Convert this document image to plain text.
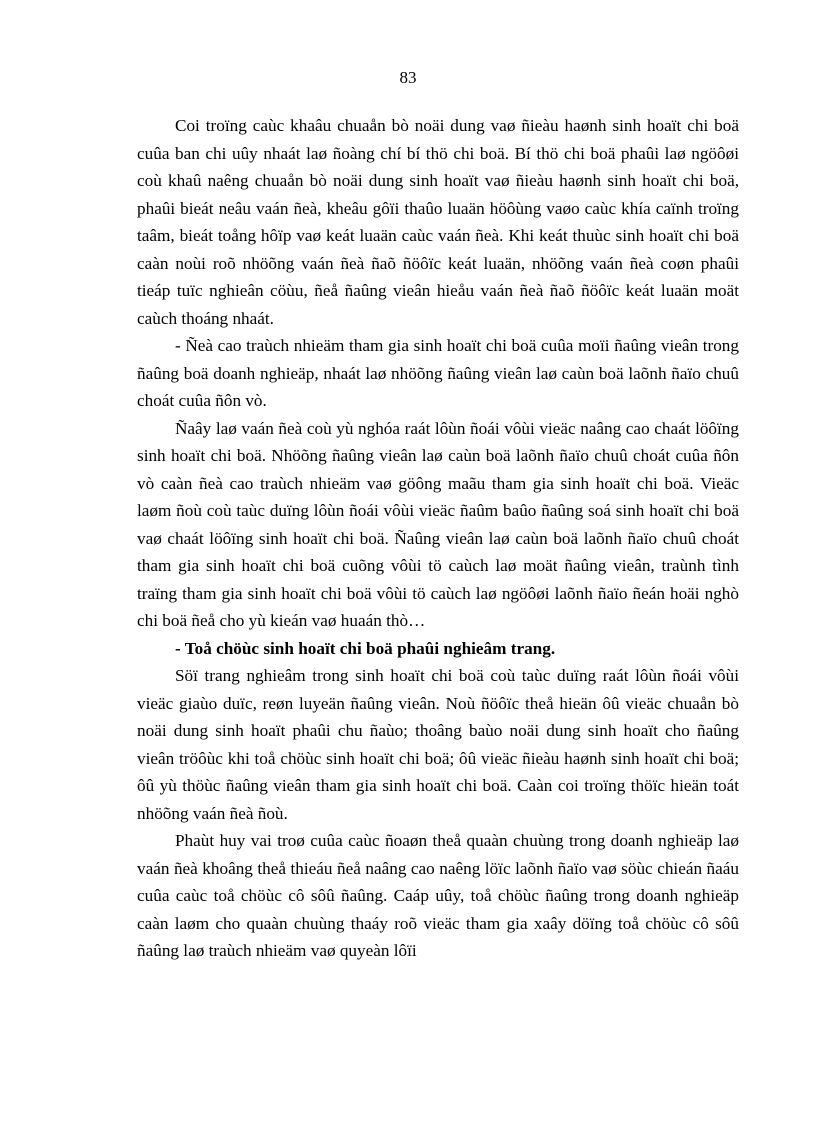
83

Coi troïng caùc khaâu chuaån bò noäi dung vaø ñieàu haønh sinh hoaït chi boä cuûa ban chi uûy nhaát laø ñoàng chí bí thö chi boä. Bí thö chi boä phaûi laø ngöôøi coù khaû naêng chuaån bò noäi dung sinh hoaït vaø ñieàu haønh sinh hoaït chi boä, phaûi bieát neâu vaán ñeà, kheâu gôïi thaûo luaän höôùng vaøo caùc khía caïnh troïng taâm, bieát toång hôïp vaø keát luaän caùc vaán ñeà. Khi keát thuùc sinh hoaït chi boä caàn noùi roõ nhöõng vaán ñeà ñaõ ñöôïc keát luaän, nhöõng vaán ñeà coøn phaûi tieáp tuïc nghieân cöùu, ñeå ñaûng vieân hieåu vaán ñeà ñaõ ñöôïc keát luaän moät caùch thoáng nhaát.

- Ñeà cao traùch nhieäm tham gia sinh hoaït chi boä cuûa moïi ñaûng vieân trong ñaûng boä doanh nghieäp, nhaát laø nhöõng ñaûng vieân laø caùn boä laõnh ñaïo chuû choát cuûa ñôn vò.

Ñaây laø vaán ñeà coù yù nghóa raát lôùn ñoái vôùi vieäc naâng cao chaát löôïng sinh hoaït chi boä. Nhöõng ñaûng vieân laø caùn boä laõnh ñaïo chuû choát cuûa ñôn vò caàn ñeà cao traùch nhieäm vaø göông maãu tham gia sinh hoaït chi boä. Vieäc laøm ñoù coù taùc duïng lôùn ñoái vôùi vieäc ñaûm baûo ñaûng soá sinh hoaït chi boä vaø chaát löôïng sinh hoaït chi boä. Ñaûng vieân laø caùn boä laõnh ñaïo chuû choát tham gia sinh hoaït chi boä cuõng vôùi tö caùch laø moät ñaûng vieân, traùnh tình traïng tham gia sinh hoaït chi boä vôùi tö caùch laø ngöôøi laõnh ñaïo ñeán hoäi nghò chi boä ñeå cho yù kieán vaø huaán thò…

- Toå chöùc sinh hoaït chi boä phaûi nghieâm trang.

Söï trang nghieâm trong sinh hoaït chi boä coù taùc duïng raát lôùn ñoái vôùi vieäc giaùo duïc, reøn luyeän ñaûng vieân. Noù ñöôïc theå hieän ôû vieäc chuaån bò noäi dung sinh hoaït phaûi chu ñaùo; thoâng baùo noäi dung sinh hoaït cho ñaûng vieân tröôùc khi toå chöùc sinh hoaït chi boä; ôû vieäc ñieàu haønh sinh hoaït chi boä; ôû yù thöùc ñaûng vieân tham gia sinh hoaït chi boä. Caàn coi troïng thöïc hieän toát nhöõng vaán ñeà ñoù.

Phaùt huy vai troø cuûa caùc ñoaøn theå quaàn chuùng trong doanh nghieäp laø vaán ñeà khoâng theå thieáu ñeå naâng cao naêng löïc laõnh ñaïo vaø söùc chieán ñaáu cuûa caùc toå chöùc cô sôû ñaûng. Caáp uûy, toå chöùc ñaûng trong doanh nghieäp caàn laøm cho quaàn chuùng thaáy roõ vieäc tham gia xaây döïng toå chöùc cô sôû ñaûng laø traùch nhieäm vaø quyeàn lôïi
